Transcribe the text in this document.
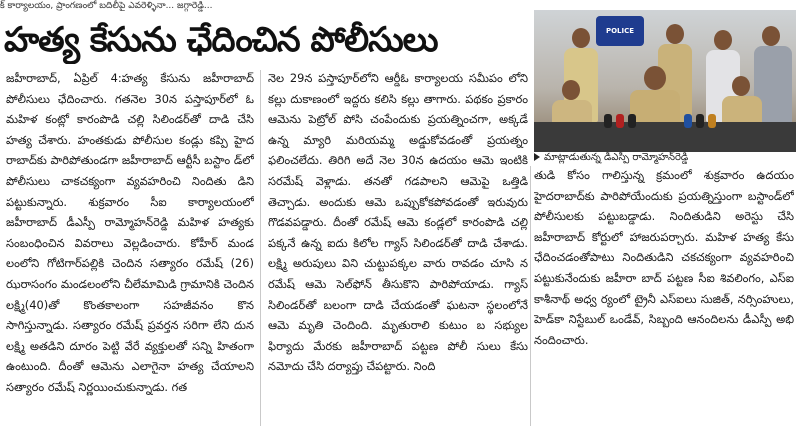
క్ కార్యాలయం, ప్రాంగణంలో బదిలీపై ఎవరెళ్ళినా... జగ్గారెడ్డి...
హత్య కేసును ఛేదించిన పోలీసులు

జహీరాబాద్, ఏప్రిల్ 4:హత్య కేసును జహీరాబాద్ పోలీసులు ఛేదించారు. గతనెల 30న పస్తాపూర్‌లో ఓ మహిళ కంట్లో కారంపొడి చల్లి సిలిండర్‌తో దాడి చేసి హత్య చేశారు. హంతకుడు పోలీసుల కండ్లు కప్పి హైద రాబాద్‌కు పారిపోతుండగా జహీరాబాద్ ఆర్టీసీ బస్టాం డ్‌లో పోలీసులు చాకచక్యంగా వ్యవహరించి నిందితు డిని పట్టుకున్నారు. శుక్రవారం సీఐ కార్యాలయంలో జహీరాబాద్ డీఎస్పీ రామ్మోహన్‌రెడ్డి మహిళ హత్యకు సంబంధించిన వివరాలు వెల్లడించారు. కోహీర్ మండ లంలోని గోటిగార్‌పల్లికి చెందిన సత్యారం రమేష్ (26) ఝరాసంగం మండలంలోని చీలేమామిడి గ్రామానికి చెందిన లక్ష్మి(40)తో కొంతకాలంగా సహజీవనం కొన సాగిస్తున్నాడు. సత్యారం రమేష్ ప్రవర్తన సరిగా లేని దున లక్ష్మి అతడిని దూరం పెట్టి వేరే వ్యక్తులతో సన్ని హితంగా ఉంటుంది. దీంతో ఆమెను ఎలాగైనా హత్య చేయాలని సత్యారం రమేష్ నిర్ణయించుకున్నాడు. గత

నెల 29న పస్తాపూర్‌లోని ఆర్డీఓ కార్యాలయ సమీపం లోని కల్లు దుకాణంలో ఇద్దరు కలిసి కల్లు తాగారు. పథకం ప్రకారం ఆమెను పెట్రోల్ పోసి చంపేందుకు ప్రయత్నించగా, అక్కడే ఉన్న మ్యారి మరియమ్మ అడ్డుకోవడంతో ప్రయత్నం ఫలించలేదు. తిరిగి అదే నెల 30న ఉదయం ఆమె ఇంటికి సరమేష్ వెళ్లాడు. తనతో గడపాలని ఆమెపై ఒత్తిడి తెచ్చాడు. అందుకు ఆమె ఒప్పుకోకపోవడంతో ఇరువురు గొడవపడ్డారు. దీంతో రమేష్ ఆమె కండ్లలో కారంపొడి చల్లి పక్కనే ఉన్న ఐదు కిలోల గ్యాస్ సిలిండర్‌తో దాడి చేశాడు. లక్ష్మి అరుపులు విని చుట్టుపక్కల వారు రావడం చూసి న రమేష్ ఆమె సెల్‌ఫోన్ తీసుకొని పారిపోయాడు. గ్యాస్ సిలిండర్‌తో బలంగా దాడి చేయడంతో ఘటనా స్థలంలోనే ఆమె మృతి చెందింది. మృతురాలి కుటుం బ సభ్యుల ఫిర్యాదు మేరకు జహీరాబాద్ పట్టణ పోలీ సులు కేసు నమోదు చేసి దర్యాప్తు చేపట్టారు. నింది

తుడి కోసం గాలిస్తున్న క్రమంలో శుక్రవారం ఉదయం హైదరాబాద్‌కు పారిపోయేందుకు ప్రయత్నిస్తుంగా బస్టాండ్‌లో పోలీసులకు పట్టుబడ్డాడు. నిందితుడిని అరెస్టు చేసి జహీరాబాద్ కోర్టులో హాజరుపర్చారు. మహిళ హత్య కేసు ఛేదించడంతోపాటు నిందితుడిని చకచక్యంగా వ్యవహరించి పట్టుకునేందుకు జహీరా బాద్ పట్టణ సీఐ శివలింగం, ఎస్ఐ కాశీనాథ్ అధ్వ ర్యంలో ట్రైనీ ఎస్ఐలు సుజిత్, నర్సింహులు, హెడ్‌కా నిస్టేబుల్ ఒండేవ్, సిబ్బంది ఆనందిలను డీఎస్పీ అభి నందించారు.

POLICE
మాట్లాడుతున్న డీఎస్పీ రామ్మోహన్‌రెడ్డి
